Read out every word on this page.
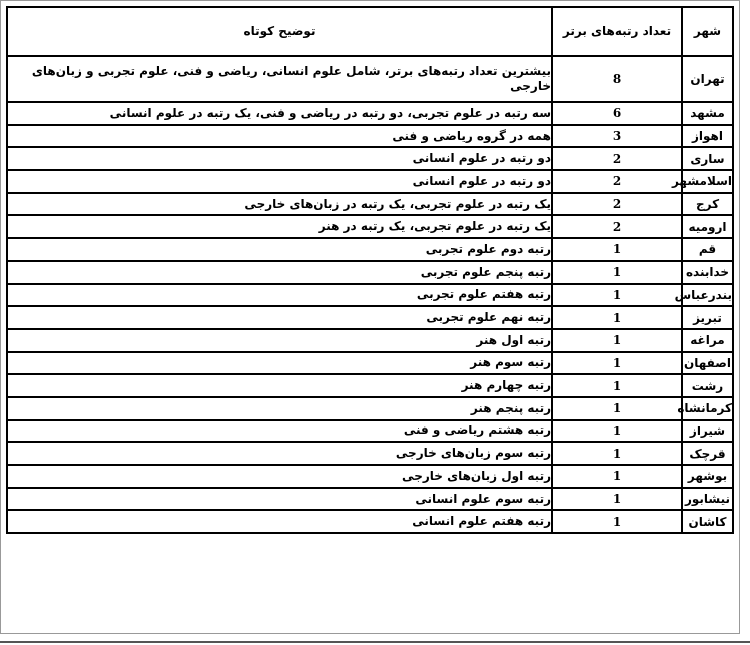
شهر	تعداد رتبه‌های برتر	توضیح کوتاه
تهران	8	بیشترین تعداد رتبه‌های برتر، شامل علوم انسانی، ریاضی و فنی، علوم تجربی و زبان‌های خارجی
مشهد	6	سه رتبه در علوم تجربی، دو رتبه در ریاضی و فنی، یک رتبه در علوم انسانی
اهواز	3	همه در گروه ریاضی و فنی
ساری	2	دو رتبه در علوم انسانی
اسلامشهر	2	دو رتبه در علوم انسانی
کرج	2	یک رتبه در علوم تجربی، یک رتبه در زبان‌های خارجی
ارومیه	2	یک رتبه در علوم تجربی، یک رتبه در هنر
قم	1	رتبه دوم علوم تجربی
خدابنده	1	رتبه پنجم علوم تجربی
بندرعباس	1	رتبه هفتم علوم تجربی
تبریز	1	رتبه نهم علوم تجربی
مراغه	1	رتبه اول هنر
اصفهان	1	رتبه سوم هنر
رشت	1	رتبه چهارم هنر
کرمانشاه	1	رتبه پنجم هنر
شیراز	1	رتبه هشتم ریاضی و فنی
قرچک	1	رتبه سوم زبان‌های خارجی
بوشهر	1	رتبه اول زبان‌های خارجی
نیشابور	1	رتبه سوم علوم انسانی
کاشان	1	رتبه هفتم علوم انسانی
